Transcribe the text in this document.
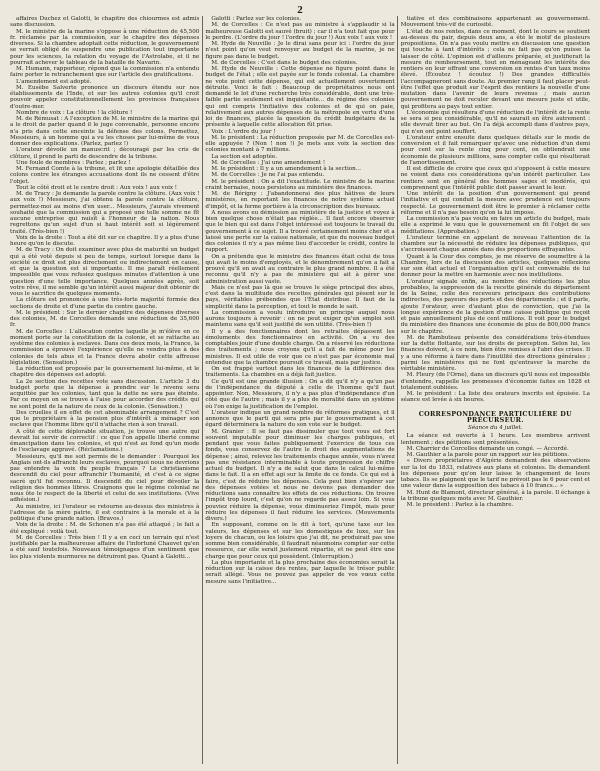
2

affaires Duchez et Galotti, le chapitre des chiourmes est admis sans discussion.

M. le ministre de la marine s'oppose à une réduction de 45,500 fr. réclamée par la commission, sur le chapitre des dépenses diverses. Si la chambre adoptait cette réduction, le gouvernement se verrait obligé de suspendre une publication tout importante pour les sciences, la relation du voyage de l'Astrolabe, et il ne pourrait achever le tableau de la bataille de Navarin.

M. Humann, rapporteur, répond que la commission n'a entendu faire porter le retranchement que sur l'article des gratifications.

L'amendement est adopté.

M. Eusèbe Salverte prononce un discours étendu sur nos établissements de l'Inde, et sur les autres colonies qu'il croit pouvoir appeler constitutionnellement les provinces françaises d'outre-mer.

Nombre de voix : La clôture ! la clôture !

M. de Rémusat : A l'exception de M. le ministre de la marine qui a le droit de parler quand il le juge convenable, personne encore n'a pris dans cette enceinte la défense des colons. Permettez, Messieurs, à un homme qui a vu les choses par lui-même de vous donner des explications. (Parlez, parlez !)

L'orateur dévoile un manuscrit ; découragé par les cris de clôture, il prend le parti de descendre de la tribune.

Une foule de membres : Parlez ; parlez !

M. Fernand Comte à la tribune, et lit une apologie détaillée des colons contre les étranges accusations dont ils ne cessent d'être l'objet.

Tout le côté droit et le centre droit : Aux voix ! aux voix !

M. de Tracy : Je demande la parole contre la clôture. (Aux voix ! aux voix !) Messieurs, j'ai obtenu la parole contre la clôture, permettez-moi au moins d'en user... Messieurs, j'aurais vivement souhaité que la commission qui a proposé une telle somme ne fît aucune entreprise qui nuisît à l'honneur de la nation. Nous regrettons qu'un sujet d'un si haut intérêt soit si légèrement traité. (Très-bien !)

Voix de la droite : Tout a été dit sur ce chapitre. Il y a plus d'une heure qu'on le discute.

M. de Tracy : On doit examiner avec plus de maturité un budget qui a été voté depuis si peu de temps, surtout lorsque dans la société ce droit est plus directement ou indirectement en cause, et que la question est si importante. Il me paraît réellement impossible que vous refusiez quelques minutes d'attention à une question d'une telle importance. Quelques années après, soit votre rêve, il me semble qu'un intérêt aussi majeur doit obtenir de vous le sacrifice de quelques moments.

La clôture est prononcée à une très-forte majorité formée des sections de droite et d'une partie du centre gauche.

M. le président : Sur le dernier chapitre des dépenses diverses des colonies, M. de Corcelles demande une réduction de 35,600 fr.

M. de Corcelles : L'allocation contre laquelle je m'élève en ce moment porte sur la constitution de la colonie, et se rattache au système des colonies à esclaves. Dans ces deux mois, la France, la commission a éprouvé l'expérience qu'elle ne vendra plus à des colonies de tels abus et la France devra abolir cette affreuse législation. (Sensation.)

La réduction est proposée par le gouvernement lui-même, et le chapitre des dépenses est adopté.

La 2e section des recettes vote sans discussion. L'article 3 du budget porte que la dépense à prendre sur le revenu sera acquittée par les colonies, tant que la dette ne sera pas éteinte. Par ce moyen on se trouve à l'aise pour accorder des crédits qui ne sont point de la nature de ceux de la colonie. (Sensation.)

Des cruelles il en effet de cet abominable arrangement ? C'est que le propriétaire à la pension plus d'intérêt à ménager son esclave que l'homme libre qu'il n'attache rien à son travail.

A côté de cette déplorable situation, je trouve une autre qui devrait lui servir de correctif : ce que l'on appelle liberté comme émancipation dans les colonies, et qui n'est au fond qu'un mode de l'esclavage aggravé. (Réclamations.)

Messieurs, qu'il me soit permis de le demander : Pourquoi les Anglais ont-ils affranchi leurs esclaves, pourquoi nous ne devrions pas entendre la voix du peuple français ? Le christianisme descendit du ciel pour affranchir l'humanité, et c'est à ce signe sacré qu'il fut reconnu. Il descendit du ciel pour dévoiler la religion des hommes libres. Craignons que le régime colonial ne nous ôte le respect de la liberté et celui de ses institutions. (Vive adhésion.)

Au ministre, ici l'orateur se retourne au-dessus des ministres à l'adresse de la mère patrie, il est contraire à la morale et à la politique d'une grande nation. (Bravos.)

Voix de la droite : M. de Schonen n'a pas été attaqué ; le fait a été expliqué : voilà tout.

M. de Corcelles : Très bien ! Il y a en ceci un terrain qui n'est justifiable par la malheureuse affaire de l'infortuné Chauvet qu'en a été sauf toutefois. Nouveaux témoignages d'un sentiment que les plus violents murmures ne détruiront pas. Quant à Galotti...

Galotti : Parlez sur les colonies.

M. de Corcelles : Ce n'est pas au ministre à s'applaudir si la malheureuse Galotti est sauvé (bruit) ; car il n'a tout fait que pour le perdre. (L'ordre du jour ! l'ordre du jour !) Aux voix ! aux voix !

M. Hyde de Neuville : Je le dirai sans peur ici : l'ordre du jour n'est point qu'on veut renvoyer au budget de la marine, je ne figure pas dans le budget.

M. de Corcelles : C'est dans le budget des colonies.

M. Hyde de Neuville : Cette dépense ne figure point dans le budget de l'état ; elle est payée sur le fonds colonial. La chambre ne vote point cette dépense, qui est actuellement ouvertement détruite. Voici le fait : Beaucoup de propriétaires nous ont demandé le lot d'une recherche très considérable, dont une très-faible partie seulement est inquiétante... du régime des colonies qui ont compris l'initiative des colonies et de qui on paie, relativement aux autres dépenses de la métropole en vertu d'une loi de finances, placée la question du crédit budgétaire de la présente à laquelle cette allocation fût prise.

Voix : L'ordre du jour !

M. le président : La réduction proposée par M. de Corcelles est-elle appuyée ? (Non ! non !) Je mets aux voix la section des colonies montant à 7 millions.

La section est adoptée.

M. de Corcelles : J'ai une amendement !

M. le président : Il y a un amendement à la section...

M. de Corcelles : Je ne l'ai pas entendu.

M. le président : On a dit l'exactitude. Le ministre de la marine craint bernaise, nous persistons au ministère des finances.

M. de Bérigny : J'abandonnerai des plus hâtives de leurs ministères, en reportant les finances de notre système actuel d'impôt, et la ferme portière à la circonscription des bureaux.

A nous avons eu démission au ministère de la justice et voyez à bien quelque chose n'était pas réglée... Il faut encore observer que le bien qui est dans l'objet intéressé est toujours le travail du gouvernement à ce sujet. Il a trouvé certainement moins cher et a laissé une perte sur la caisse nationale, et que du nouveau budget des colonies il n'y a pas même lieu d'accorder le crédit, contre le rapport.

On a prétendu que le ministre des finances était celui de tous qui avait le moins d'employés, et le dénombrement qu'on a fait a prouvé qu'il en avait au contraire le plus grand nombre. Il a été reconnu qu'il n'y a pas de ministère qui ait à gérer une administration aussi vaste.

Mais ce n'est pas là que se trouve le siège principal des abus, c'est dans la multitude des recettes générales qui pèsent sur le pays, véritables prébendes que l'État distribue. Il faut de la simplicité dans la perception, et tout le monde le sait.

La commission a voulu introduire un principe auquel nous aurons toujours à revenir : on ne peut exiger qu'un emploi soit maintenu sans qu'il soit justifié de son utilité. (Très-bien !)

Il y a des fonctionnaires dont les retraites dépassent les émoluments des fonctionnaires en activité. On a vu des comptables jouir d'une double charge. On a réservé les réductions des traitements ; nous croyons qu'il a fait de même pour les ministres. Il est utile de voir que ce n'est pas par économie mal entendue que la chambre poursuit ce travail, mais par justice.

On est frappé surtout dans les finances de la différence des traitements. La chambre en a déjà fait justice.

Ce qu'il est une grande illusion : On a dit qu'il n'y a qu'un pas de l'indépendance du député à celle de l'homme qu'il faut appointer. Non, Messieurs, il n'y a pas plus d'indépendance d'un côté que de l'autre ; mais il y a plus de moralité dans un système où l'on exige la justification de l'emploi.

L'orateur indique un grand nombre de réformes pratiques, et il annonce que le parti qui sera pris par le gouvernement à cet égard déterminera la nature du son vote sur le budget.

M. Granier : Il se faut pas dissimuler que tout vous est fort souvent imputable pour diminuer les charges publiques, et pendant que vous faites publiquement l'exercice de tous ces fonds, vous conservez de l'autre le droit des augmentations de dépense ; ainsi, relevez les traitements chaque année, vous n'avez pas une résistance interminable à toute progression de chiffre actuel du budget. Il n'y a de salut que dans le calcul lui-même dans le fait. Il a en effet agi sur la limite de ce fonds. Ce qui est à faire, c'est de réduire les dépenses. Cela peut bien s'opérer sur des dépenses votées et nous ne devons pas demander des réductions sans connaître les effets de ces réductions. On trouve l'impôt trop lourd, c'est qu'on ne regarde pas assez loin. Si vous pouviez réduire la dépense, vous diminueriez l'impôt, mais pour réduire les dépenses il faut réduire les services. (Mouvements divers.)

En supposant, comme on le dit à tort, qu'une taxe sur les valeurs, les dépenses et sur les domestiques de luxe, sur les loyers de chacun, ou les loisirs que j'ai dit, ne produirait pas une somme bien considérable, il faudrait néanmoins compter sur cette ressource, car elle serait justement répartie, et ne peut être une charge que pour ceux qui possèdent. (Interruption.)

La plus importante et la plus prochaine des économies serait la réduction sur la caisse des rentes, par laquelle le trésor public serait allégé. Vous ne pouvez pas appeler de vos vœux cette mesure sans l'initiative...

tiative et des combinaisons appartenant au gouvernement. Mouvement très-vif de curiosité.

L'état de nos rentes, dans ce moment, dont le cours se soutient au-dessus du pair, depuis deux ans, a été le motif de plusieurs propositions. On n'a pas voulu mettre en discussion une question qui touche à tant d'intérêts ; cela ne fait pas qu'on puisse la laisser de côté. L'opinion est d'ailleurs préparée, et justifierait la mesure du remboursement, tout en ménageant les intérêts des rentiers en leur offrant une conversion en rentes d'un taux moins élevé. (Écoutez ! écoutez !) Des grandes difficultés l'accompagneront sans doute. Au premier rang il faut placer peut-être l'effet que produit sur l'esprit des rentiers la nouvelle d'une mutation dans l'avenir de leurs revenus ; mais aucun gouvernement ne doit reculer devant une mesure juste et utile, qui profitera au pays tout entier.

L'économie qui résultera d'une réduction de l'intérêt de la rente se sera si peu considérable, qu'il ne saurait en être autrement : elle devrait tirer au but. On l'a déjà accompli dans d'autres pays, qui n'en ont point souffert.

L'orateur entre ensuite dans quelques détails sur le mode de conversion et il fait remarquer qu'avec une réduction d'un demi pour cent sur la rente cinq pour cent, on obtiendrait une économie de plusieurs millions, sans compter celle qui résulterait de l'amortissement.

Il est difficile de croire que ceux qui s'opposent à cette mesure ne voient dans ces considérations qu'un intérêt particulier. Les rentiers sont en général des hommes sages et modérés, qui comprennent que l'intérêt public doit passer avant le leur.

Une intérêt de la position d'un gouvernement qui prend l'initiative et qui conduit la mesure avec prudence est toujours respecté. Le gouvernement doit être le premier à réclamer cette réforme et il n'a pas besoin qu'on la lui impose.

La commission n'a pas voulu en faire un article du budget, mais elle a exprimé le vœu que le gouvernement en fît l'objet de ses méditations. (Approbation.)

L'orateur termine en appelant de nouveau l'attention de la chambre sur la nécessité de réduire les dépenses publiques, qui s'accroissent chaque année dans des proportions effrayantes.

Quant à la Cour des comptes, je me réserve de soumettre à la Chambre, lors de la discussion des articles, quelques réflexions sur son état actuel et l'organisation qu'il est convenable de lui donner pour la mettre en harmonie avec nos institutions.

L'orateur signale enfin, au nombre des réductions les plus probables, la suppression de la recette générale du département de la Seine, celle des receveurs principaux des contributions indirectes, des payeurs des ports et des départements ; et il parle, ajoute l'orateur, avec d'autant plus de conviction, que j'ai la longue expérience de la gestion d'une caisse publique qui reçoit et paie annuellement plus de cent millions. Il voit pour le budget du ministère des finances une économie de plus de 800,000 francs sur le chapitre.

M. de Rambuteau présente des considérations très-étendues sur la dette flottante, sur les droits de perception. Selon lui, les finances doivent, à ce nom, bien être remises à l'abri des crises. Il y a une réforme à faire dans l'inutilité des directions générales ; parmi les ministères qui ne font qu'entraver la marche du véritable ministère.

M. Fleury (de l'Orne), dans un discours qu'il nous est impossible d'entendre, rappelle les promesses d'économie faites en 1828 et totalement oubliées.

M. le président : La liste des orateurs inscrits est épuisée. La séance est levée à six heures.

CORRESPONDANCE PARTICULIÈRE DU PRÉCURSEUR.

Séance du 4 juillet.

La séance est ouverte à 1 heure. Les membres arrivent lentement ; des pétitions sont présentées.

M. Charrier de Corcelles demande un congé. — Accordé.

M. Gauthier a la parole pour un rapport sur les pétitions.

« Divers propriétaires d'Algérie demandent des observations sur la loi du 1833, relatives aux plans et colonies. Ils demandent les dépenses pour qu'on leur laisse le changement de leurs tabacs. Ils se plaignent que le tarif ne prévoit pas le 6 pour cent et une valeur dans la supposition des tabacs à 10 francs... »

M. Hunt de Blamont, directeur général, à la parole. Il échange à la tribune quelques mots avec M. Gauthier.

M. le président : Parlez à la chambre.
